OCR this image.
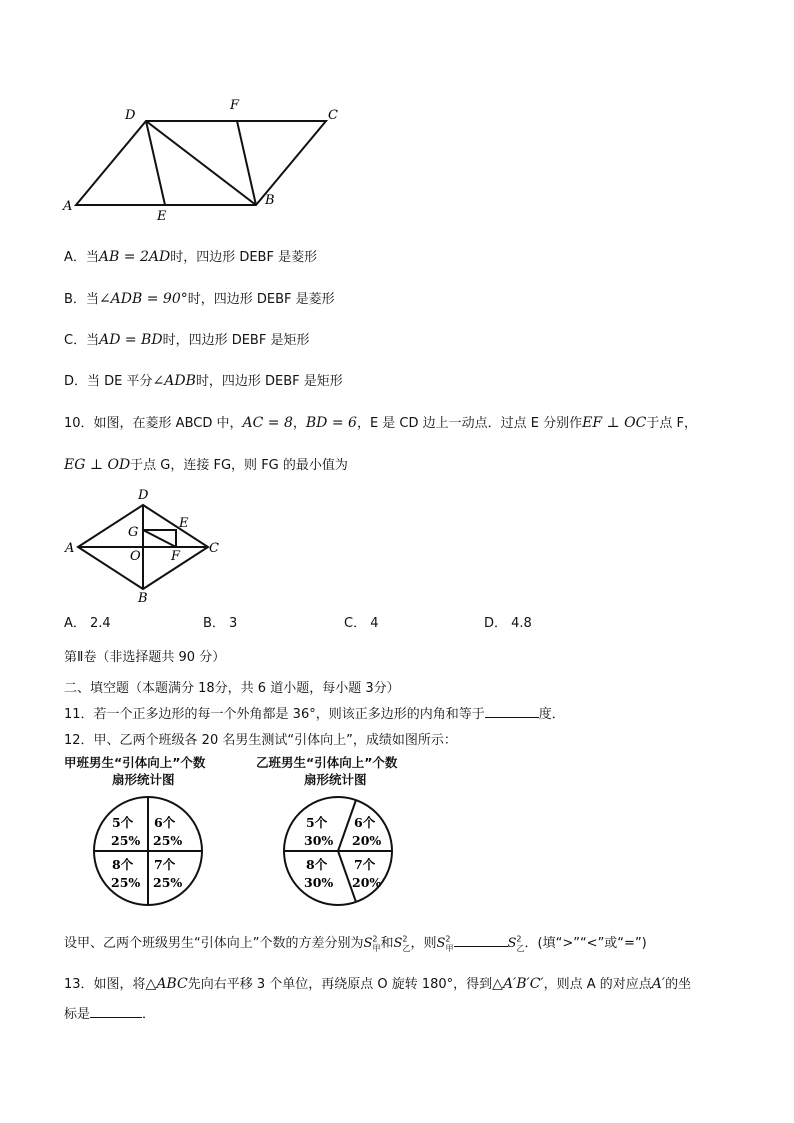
D
F
C
A
E
B
A．当AB = 2AD时，四边形 DEBF 是菱形
B．当∠ADB = 90°时，四边形 DEBF 是菱形
C．当AD = BD时，四边形 DEBF 是矩形
D．当 DE 平分∠ADB时，四边形 DEBF 是矩形
10．如图，在菱形 ABCD 中，AC = 8，BD = 6，E 是 CD 边上一动点．过点 E 分别作EF ⊥ OC于点 F，
EG ⊥ OD于点 G，连接 FG，则 FG 的最小值为
D
A	C
B
G
E
O F
A． 2.4	B． 3	C． 4	D． 4.8
第Ⅱ卷（非选择题共 90 分）
二、填空题（本题满分 18分，共 6 道小题，每小题 3分）
11．若一个正多边形的每一个外角都是 36°，则该正多边形的内角和等于	度．
12．甲、乙两个班级各 20 名男生测试“引体向上”，成绩如图所示：
甲班男生“引体向上”个数
扇形统计图
5个
25%
6个
25%
8个
25%
7个
25%
乙班男生“引体向上”个数
扇形统计图
5个
30%
6个
20%
8个
30%
7个
20%
设甲、乙两个班级男生“引体向上”个数的方差分别为$S^2_甲$和$S^2_乙$，则$S^2_甲$	$S^2_乙$．(填“>”“<”或“=”)
13．如图，将△ABC先向右平移 3 个单位，再绕原点 O 旋转 180°，得到△A′B′C′，则点 A 的对应点A′的坐
标是	．
